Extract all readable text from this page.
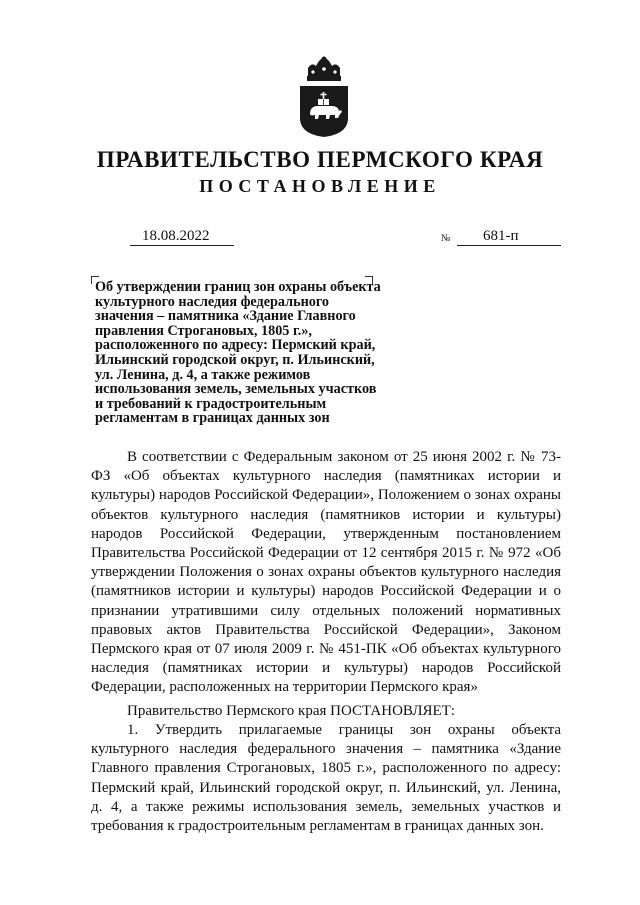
ПРАВИТЕЛЬСТВО ПЕРМСКОГО КРАЯ
ПОСТАНОВЛЕНИЕ
18.08.2022	№	681-п
Об утверждении границ зон охраны объекта
культурного наследия федерального
значения – памятника «Здание Главного
правления Строгановых, 1805 г.»,
расположенного по адресу: Пермский край,
Ильинский городской округ, п. Ильинский,
ул. Ленина, д. 4, а также режимов
использования земель, земельных участков
и требований к градостроительным
регламентам в границах данных зон
В соответствии с Федеральным законом от 25 июня 2002 г. № 73-ФЗ «Об объектах культурного наследия (памятниках истории и культуры) народов Российской Федерации», Положением о зонах охраны объектов культурного наследия (памятников истории и культуры) народов Российской Федерации, утвержденным постановлением Правительства Российской Федерации от 12 сентября 2015 г. № 972 «Об утверждении Положения о зонах охраны объектов культурного наследия (памятников истории и культуры) народов Российской Федерации и о признании утратившими силу отдельных положений нормативных правовых актов Правительства Российской Федерации», Законом Пермского края от 07 июля 2009 г. № 451-ПК «Об объектах культурного наследия (памятниках истории и культуры) народов Российской Федерации, расположенных на территории Пермского края»
Правительство Пермского края ПОСТАНОВЛЯЕТ:
1. Утвердить прилагаемые границы зон охраны объекта культурного наследия федерального значения – памятника «Здание Главного правления Строгановых, 1805 г.», расположенного по адресу: Пермский край, Ильинский городской округ, п. Ильинский, ул. Ленина, д. 4, а также режимы использования земель, земельных участков и требования к градостроительным регламентам в границах данных зон.
